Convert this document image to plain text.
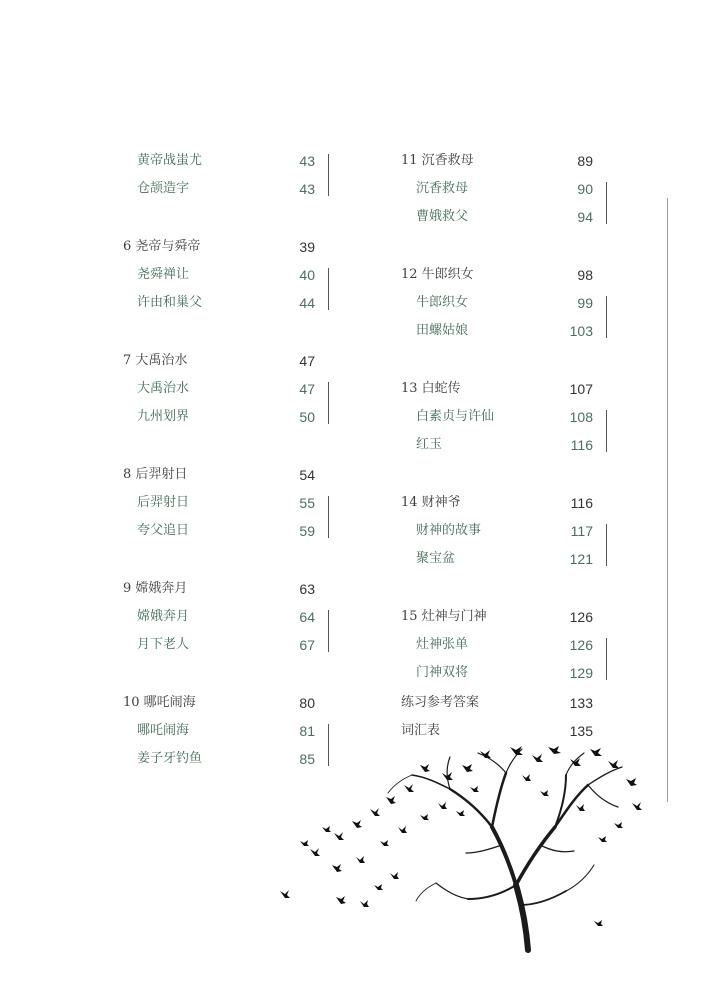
黄帝战蚩尤	43
仓颉造字	43
6 尧帝与舜帝	39
尧舜禅让	40
许由和巢父	44
7 大禹治水	47
大禹治水	47
九州划界	50
8 后羿射日	54
后羿射日	55
夸父追日	59
9 嫦娥奔月	63
嫦娥奔月	64
月下老人	67
10 哪吒闹海	80
哪吒闹海	81
姜子牙钓鱼	85
11 沉香救母	89
沉香救母	90
曹娥救父	94
12 牛郎织女	98
牛郎织女	99
田螺姑娘	103
13 白蛇传	107
白素贞与许仙	108
红玉	116
14 财神爷	116
财神的故事	117
聚宝盆	121
15 灶神与门神	126
灶神张单	126
门神双将	129
练习参考答案	133
词汇表	135
